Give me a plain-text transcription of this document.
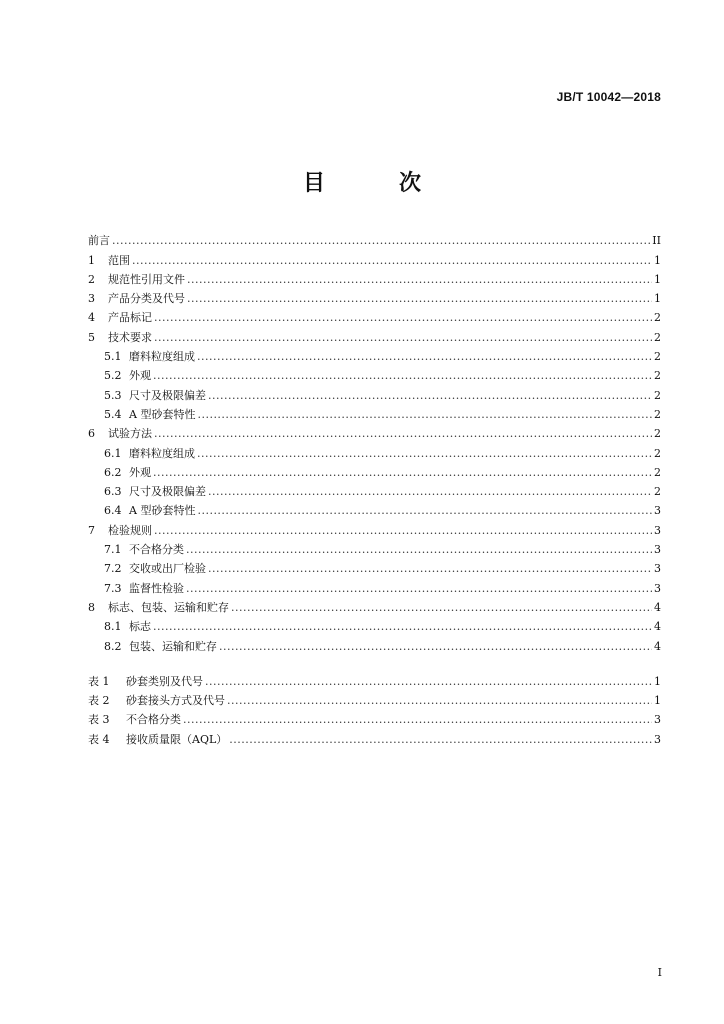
JB/T 10042—2018
目　次
前言 .....	II
1	范围 .....	1
2	规范性引用文件 .....	1
3	产品分类及代号 .....	1
4	产品标记 .....	2
5	技术要求 .....	2
5.1 磨料粒度组成 .....	2
5.2 外观 .....	2
5.3 尺寸及极限偏差 .....	2
5.4 A 型砂套特性 .....	2
6	试验方法 .....	2
6.1 磨料粒度组成 .....	2
6.2 外观 .....	2
6.3 尺寸及极限偏差 .....	2
6.4 A 型砂套特性 .....	3
7	检验规则 .....	3
7.1 不合格分类 .....	3
7.2 交收或出厂检验 .....	3
7.3 监督性检验 .....	3
8	标志、包装、运输和贮存 .....	4
8.1 标志 .....	4
8.2 包装、运输和贮存 .....	4
表 1	砂套类别及代号 .....	1
表 2	砂套接头方式及代号 .....	1
表 3	不合格分类 .....	3
表 4	接收质量限（AQL） .....	3
I
